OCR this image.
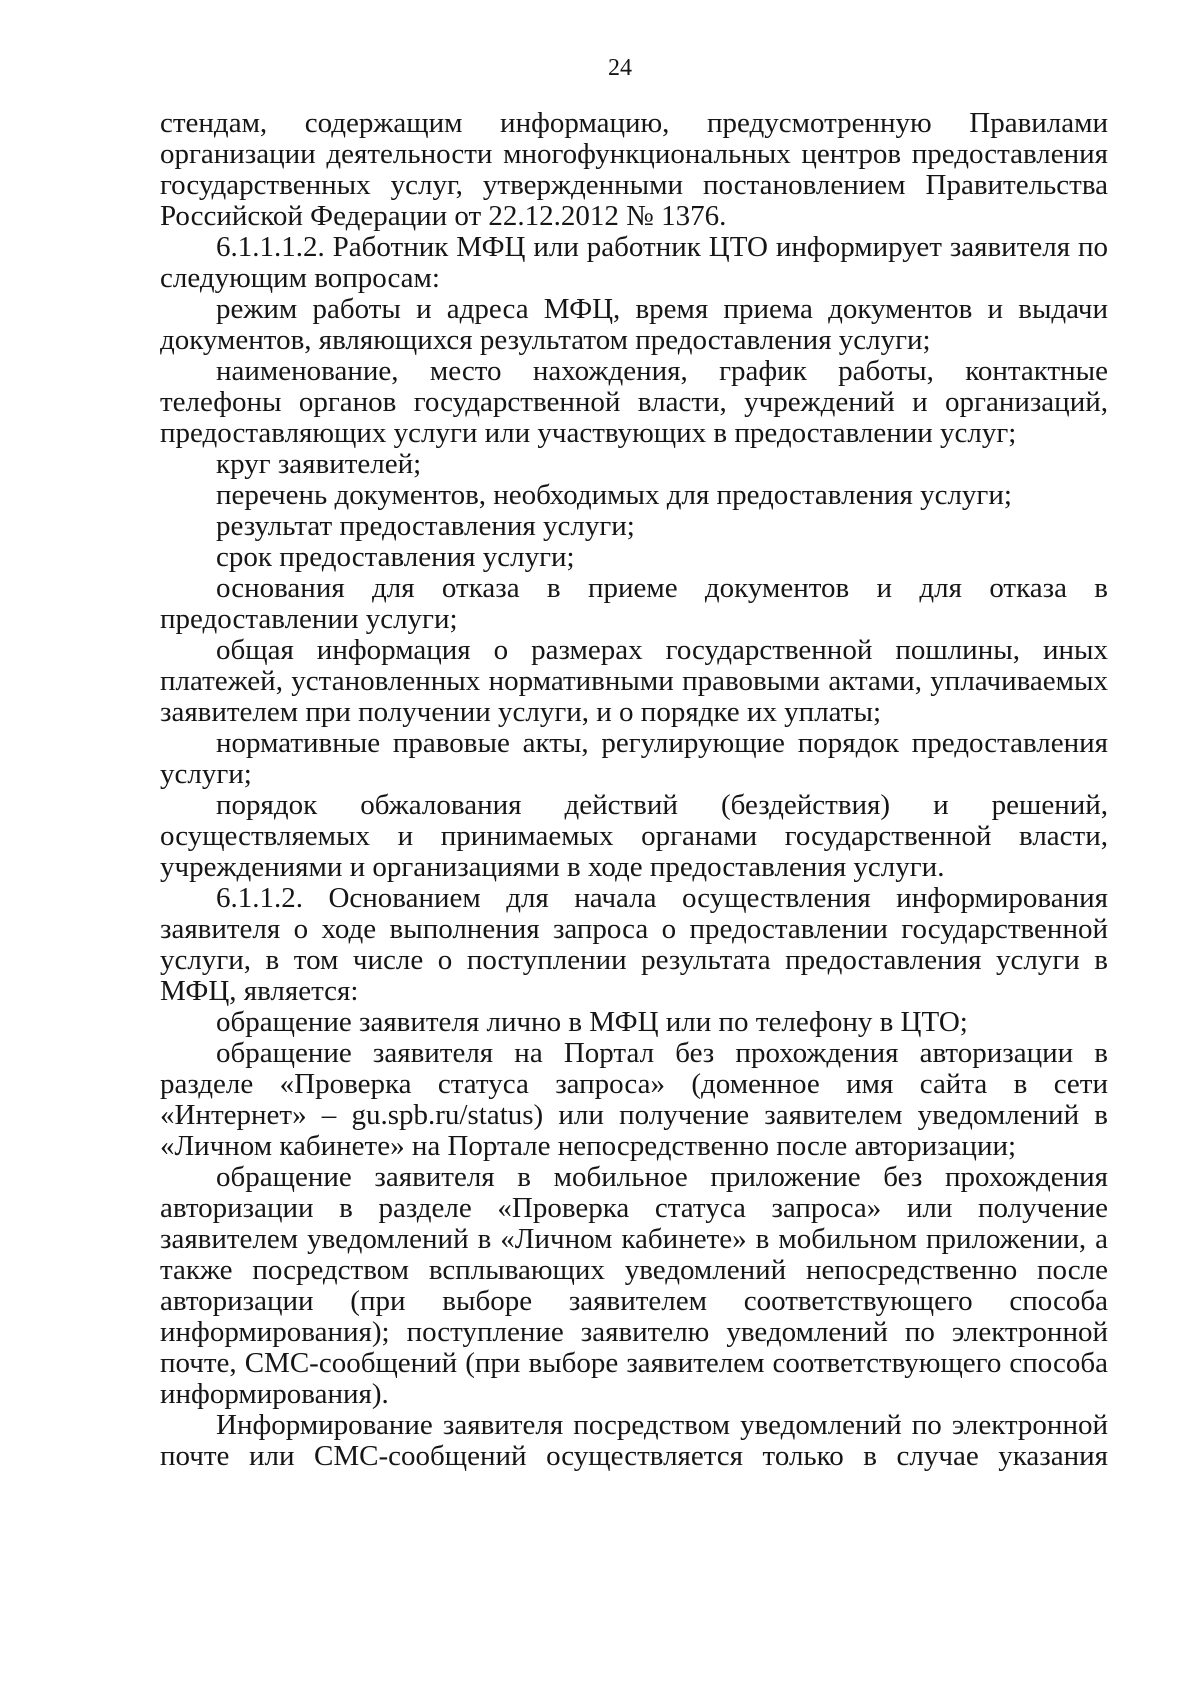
24

стендам, содержащим информацию, предусмотренную Правилами организации деятельности многофункциональных центров предоставления государственных услуг, утвержденными постановлением Правительства Российской Федерации от 22.12.2012 № 1376.

6.1.1.1.2. Работник МФЦ или работник ЦТО информирует заявителя по следующим вопросам:

режим работы и адреса МФЦ, время приема документов и выдачи документов, являющихся результатом предоставления услуги;

наименование, место нахождения, график работы, контактные телефоны органов государственной власти, учреждений и организаций, предоставляющих услуги или участвующих в предоставлении услуг;

круг заявителей;

перечень документов, необходимых для предоставления услуги;

результат предоставления услуги;

срок предоставления услуги;

основания для отказа в приеме документов и для отказа в предоставлении услуги;

общая информация о размерах государственной пошлины, иных платежей, установленных нормативными правовыми актами, уплачиваемых заявителем при получении услуги, и о порядке их уплаты;

нормативные правовые акты, регулирующие порядок предоставления услуги;

порядок обжалования действий (бездействия) и решений, осуществляемых и принимаемых органами государственной власти, учреждениями и организациями в ходе предоставления услуги.

6.1.1.2. Основанием для начала осуществления информирования заявителя о ходе выполнения запроса о предоставлении государственной услуги, в том числе о поступлении результата предоставления услуги в МФЦ, является:

обращение заявителя лично в МФЦ или по телефону в ЦТО;

обращение заявителя на Портал без прохождения авторизации в разделе «Проверка статуса запроса» (доменное имя сайта в сети «Интернет» – gu.spb.ru/status) или получение заявителем уведомлений в «Личном кабинете» на Портале непосредственно после авторизации;

обращение заявителя в мобильное приложение без прохождения авторизации в разделе «Проверка статуса запроса» или получение заявителем уведомлений в «Личном кабинете» в мобильном приложении, а также посредством всплывающих уведомлений непосредственно после авторизации (при выборе заявителем соответствующего способа информирования); поступление заявителю уведомлений по электронной почте, СМС-сообщений (при выборе заявителем соответствующего способа информирования).

Информирование заявителя посредством уведомлений по электронной почте или СМС-сообщений осуществляется только в случае указания
